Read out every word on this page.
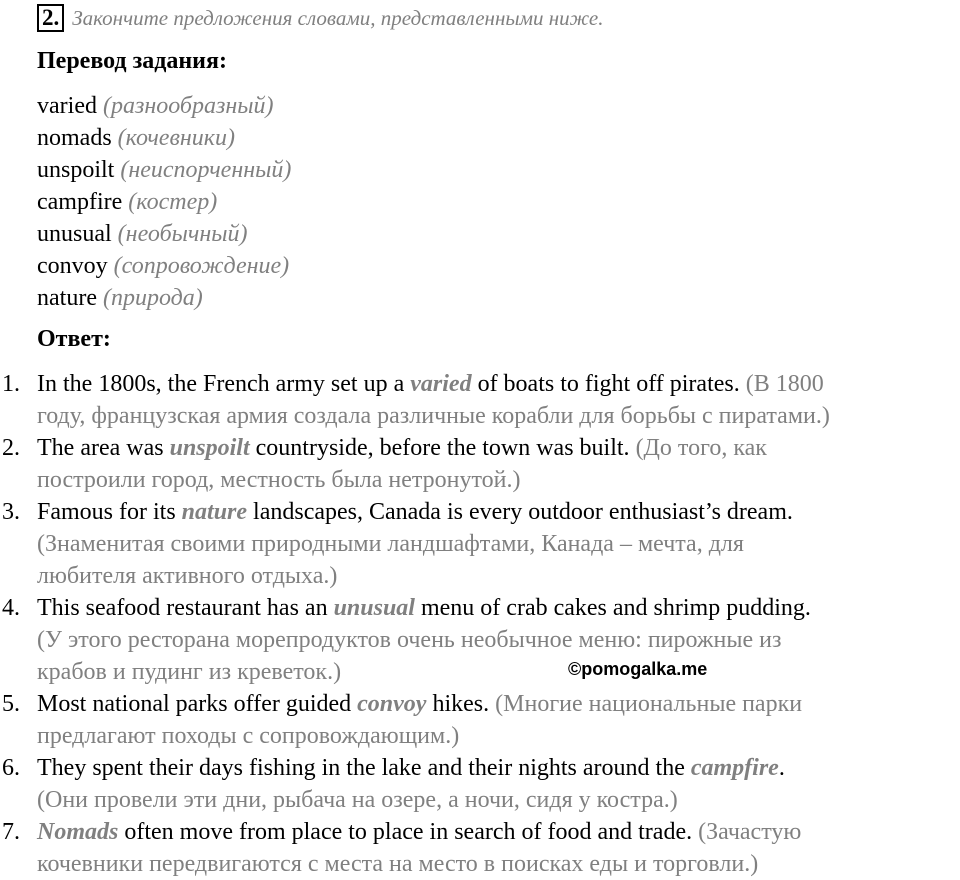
2. Закончите предложения словами, представленными ниже.
Перевод задания:
varied (разнообразный)
nomads (кочевники)
unspoilt (неиспорченный)
campfire (костер)
unusual (необычный)
convoy (сопровождение)
nature (природа)
Ответ:
1. In the 1800s, the French army set up a varied of boats to fight off pirates. (В 1800
году, французская армия создала различные корабли для борьбы с пиратами.)
2. The area was unspoilt countryside, before the town was built. (До того, как
построили город, местность была нетронутой.)
3. Famous for its nature landscapes, Canada is every outdoor enthusiast’s dream.
(Знаменитая своими природными ландшафтами, Канада – мечта, для
любителя активного отдыха.)
4. This seafood restaurant has an unusual menu of crab cakes and shrimp pudding.
(У этого ресторана морепродуктов очень необычное меню: пирожные из
крабов и пудинг из креветок.)
5. Most national parks offer guided convoy hikes. (Многие национальные парки
предлагают походы с сопровождающим.)
6. They spent their days fishing in the lake and their nights around the campfire.
(Они провели эти дни, рыбача на озере, а ночи, сидя у костра.)
7. Nomads often move from place to place in search of food and trade. (Зачастую
кочевники передвигаются с места на место в поисках еды и торговли.)
©pomogalka.me
